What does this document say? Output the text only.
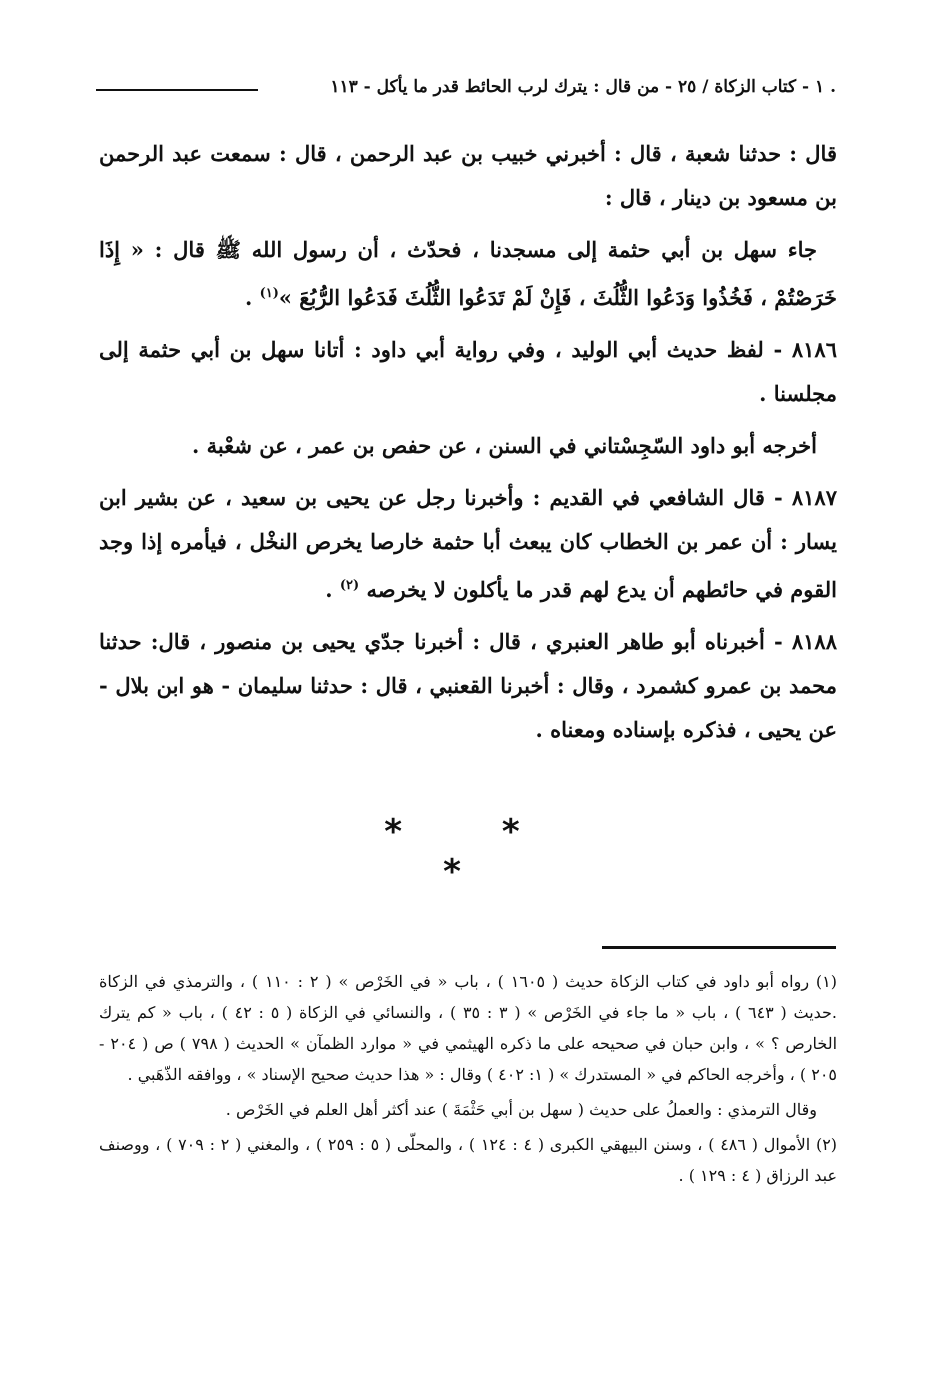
. ١ - كتاب الزكاة / ٢٥ - من قال : يترك لرب الحائط قدر ما يأكل - ١١٣

قال : حدثنا شعبة ، قال : أخبرني خبيب بن عبد الرحمن ، قال : سمعت عبد الرحمن بن مسعود بن دينار ، قال :

جاء سهل بن أبي حثمة إلى مسجدنا ، فحدّث ، أن رسول الله ﷺ قال : « إِذَا خَرَصْتُمْ ، فَخُذُوا وَدَعُوا الثُّلُثَ ، فَإِنْ لَمْ تَدَعُوا الثُّلُثَ فَدَعُوا الرُّبُعَ »$^{(١)}$ .

٨١٨٦ - لفظ حديث أبي الوليد ، وفي رواية أبي داود : أتانا سهل بن أبي حثمة إلى مجلسنا .

أخرجه أبو داود السّجِسْتاني في السنن ، عن حفص بن عمر ، عن شعْبة .

٨١٨٧ - قال الشافعي في القديم : وأخبرنا رجل عن يحيى بن سعيد ، عن بشير ابن يسار : أن عمر بن الخطاب كان يبعث أبا حثمة خارصا يخرص النخْل ، فيأمره إذا وجد القوم في حائطهم أن يدع لهم قدر ما يأكلون لا يخرصه $^{(٢)}$ .

٨١٨٨ - أخبرناه أبو طاهر العنبري ، قال : أخبرنا جدّي يحيى بن منصور ، قال: حدثنا محمد بن عمرو كشمرد ، وقال : أخبرنا القعنبي ، قال : حدثنا سليمان - هو ابن بلال - عن يحيى ، فذكره بإسناده ومعناه .

* * *

(١) رواه أبو داود في كتاب الزكاة حديث ( ١٦٠٥ ) ، باب « في الخَرْص » ( ٢ : ١١٠ ) ، والترمذي في الزكاة .حديث ( ٦٤٣ ) ، باب « ما جاء في الخَرْص » ( ٣ : ٣٥ ) ، والنسائي في الزكاة ( ٥ : ٤٢ ) ، باب « كم يترك الخارص ؟ » ، وابن حبان في صحيحه على ما ذكره الهيثمي في « موارد الظمآن » الحديث ( ٧٩٨ ) ص ( ٢٠٤ - ٢٠٥ ) ، وأخرجه الحاكم في « المستدرك » ( ١: ٤٠٢ ) وقال : « هذا حديث صحيح الإسناد » ، ووافقه الذّهَبي .

وقال الترمذي : والعملُ على حديث ( سهل بن أبي حَثْمَةَ ) عند أكثر أهل العلم في الخَرْص .

(٢) الأموال ( ٤٨٦ ) ، وسنن البيهقي الكبرى ( ٤ : ١٢٤ ) ، والمحلّى ( ٥ : ٢٥٩ ) ، والمغني ( ٢ : ٧٠٩ ) ، ووصنف عبد الرزاق ( ٤ : ١٢٩ ) .
